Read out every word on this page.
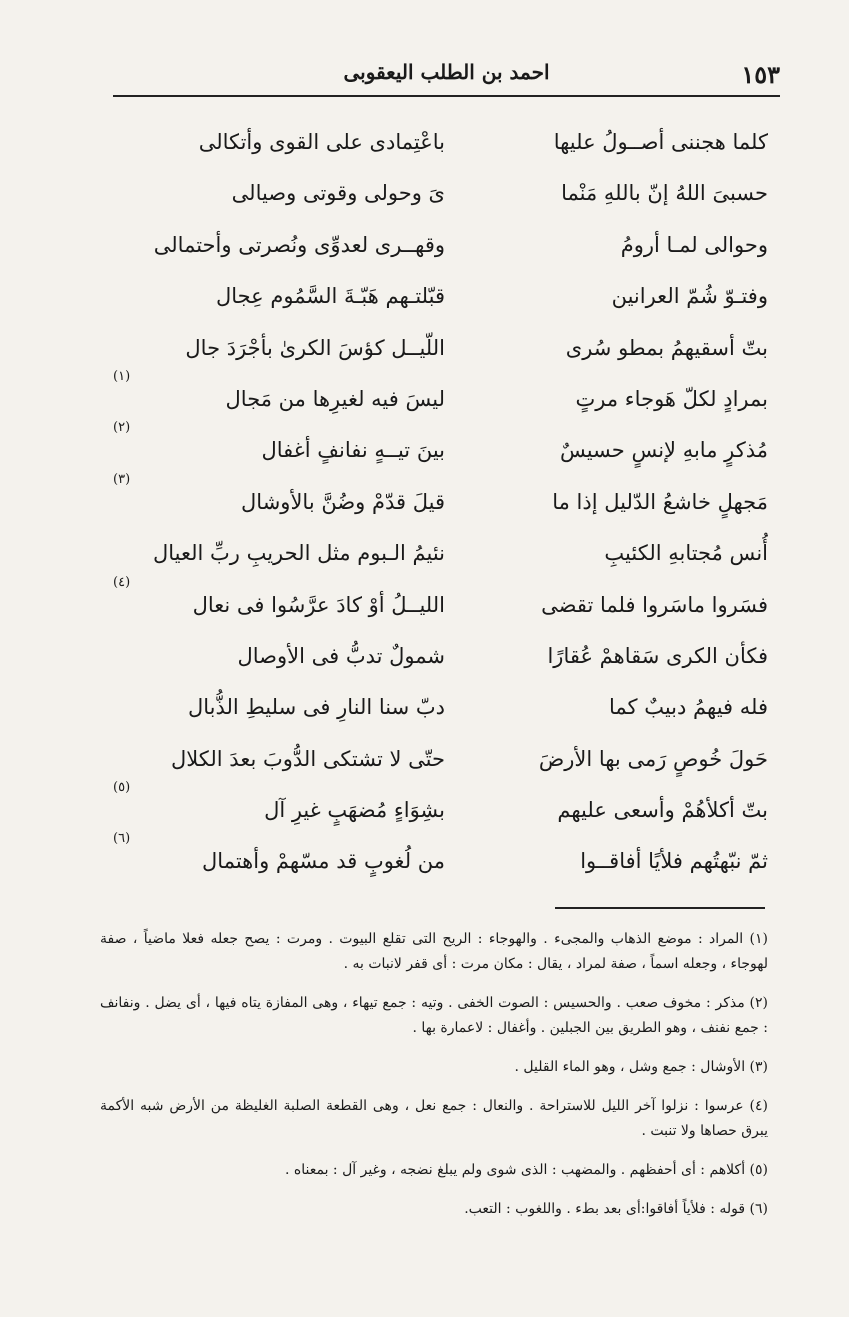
١٥٣
احمد بن الطلب اليعقوبى
كلما هجننى أصــولُ عليها
باعْتِمادى على القوى وأتكالى
حسبىَ اللهُ إنّ باللهِ مَنْما
ىَ وحولى وقوتى وصيالى
وحوالى لمـا أرومُ
وقهــرى لعدوِّى ونُصرتى وأحتمالى
وفتـوّ شُمّ العرانين
قبّلتـهم هَبّـةَ السَّمُوم عِجال
بتّ أسقيهمُ بمطو سُرى
اللّيــل كؤسَ الكرىٰ بأجْرَدَ جال
بمرادٍ لكلّ هَوجاء مرتٍ
ليسَ فيه لغيرِها من مَجال
(١)
مُذكرٍ مابهِ لإنسٍ حسيسٌ
بينَ تيــهٍ نفانفٍ أغفال
(٢)
مَجهلٍ خاشعُ الدّليل إذا ما
قيلَ قدّمْ وضُنَّ بالأوشال
(٣)
أُنس مُجتابهِ الكئيبِ
نئيمُ الـبوم مثل الحريبِ ربِّ العيال
فسَروا ماسَروا فلما تقضى
الليــلُ أوْ كادَ عرَّسُوا فى نعال
(٤)
فكأن الكرى سَقاهمْ عُقارًا
شمولٌ تدبُّ فى الأوصال
فله فيهمُ دبيبٌ كما
دبّ سنا النارِ فى سليطِ الذُّبال
حَولَ خُوصٍ رَمى بها الأرضَ
حتّى لا تشتكى الدُّوبَ بعدَ الكلال
بتّ أكلأهُمْ وأسعى عليهم
بشِوَاءٍ مُضهَبٍ غيرِ آل
(٥)
ثمّ نبّهتُهم فلأيًا أفاقــوا
من لُغوبٍ قد مسّهمْ وأهتمال
(٦)

(١) المراد : موضع الذهاب والمجىء . والهوجاء : الريح التى تقلع البيوت . ومرت : يصح جعله فعلا ماضياً ، صفة لهوجاء ، وجعله اسماً ، صفة لمراد ، يقال : مكان مرت : أى قفر لانبات به .

(٢) مذكر : مخوف صعب . والحسيس : الصوت الخفى . وتيه : جمع تيهاء ، وهى المفازة يتاه فيها ، أى يضل . ونفانف : جمع نفنف ، وهو الطريق بين الجبلين . وأغفال : لاعمارة بها .

(٣) الأوشال : جمع وشل ، وهو الماء القليل .

(٤) عرسوا : نزلوا آخر الليل للاستراحة . والنعال : جمع نعل ، وهى القطعة الصلبة الغليظة من الأرض شبه الأكمة يبرق حصاها ولا تنبت .

(٥) أكلاهم : أى أحفظهم . والمضهب : الذى شوى ولم يبلغ نضجه ، وغير آل : بمعناه .

(٦) قوله : فلأياً أفاقوا:أى بعد بطء . واللغوب : التعب.
